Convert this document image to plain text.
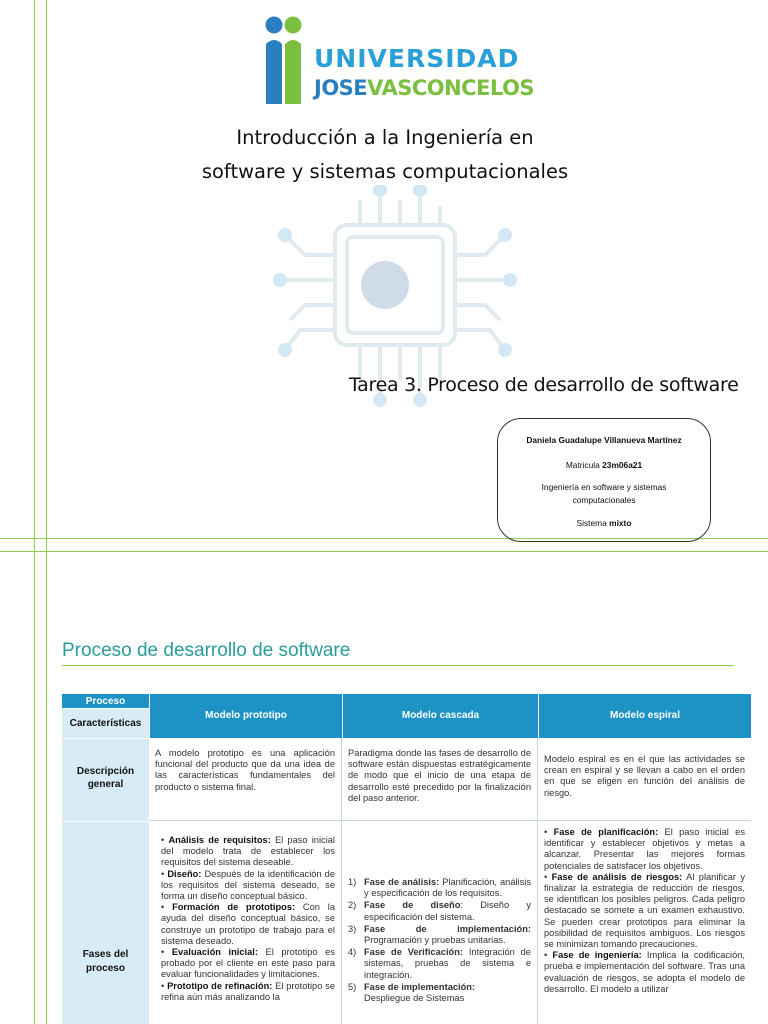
UNIVERSIDAD
JOSEVASCONCELOS
Introducción a la Ingeniería en
software y sistemas computacionales
Tarea 3. Proceso de desarrollo de software
Daniela Guadalupe Villanueva Martínez
Matricula 23m06a21
Ingeniería en software y sistemas
computacionales
Sistema mixto
Proceso de desarrollo de software
Proceso
Características
Modelo prototipo	Modelo cascada	Modelo espiral
Descripción
general
A modelo prototipo es una aplicación funcional del producto que da una idea de las características fundamentales del producto o sistema final.
Paradigma donde las fases de desarrollo de software están dispuestas estratégicamente de modo que el inicio de una etapa de desarrollo esté precedido por la finalización del paso anterior.
Modelo espiral es en el que las actividades se crean en espiral y se llevan a cabo en el orden en que se eligen en función del análisis de riesgo.
Fases del
proceso
• Análisis de requisitos: El paso inicial del modelo trata de establecer los requisitos del sistema deseable.
• Diseño: Después de la identificación de los requisitos del sistema deseado, se forma un diseño conceptual básico.
• Formación de prototipos: Con la ayuda del diseño conceptual básico, se construye un prototipo de trabajo para el sistema deseado.
• Evaluación inicial: El prototipo es probado por el cliente en este paso para evaluar funcionalidades y limitaciones.
• Prototipo de refinación: El prototipo se refina aún más analizando la
1) Fase de análisis: Planificación, análisis y especificación de los requisitos.
2) Fase de diseño: Diseño y especificación del sistema.
3) Fase de implementación: Programación y pruebas unitarias.
4) Fase de Verificación: Integración de sistemas, pruebas de sistema e integración.
5) Fase de implementación:
Despliegue de Sistemas
• Fase de planificación: El paso inicial es identificar y establecer objetivos y metas a alcanzar. Presentar las mejores formas potenciales de satisfacer los objetivos.
• Fase de análisis de riesgos: Al planificar y finalizar la estrategia de reducción de riesgos, se identifican los posibles peligros. Cada peligro destacado se somete a un examen exhaustivo. Se pueden crear prototipos para eliminar la posibilidad de requisitos ambiguos. Los riesgos se minimizan tomando precauciones.
• Fase de ingeniería: Implica la codificación, prueba e implementación del software. Tras una evaluación de riesgos, se adopta el modelo de desarrollo. El modelo a utilizar
